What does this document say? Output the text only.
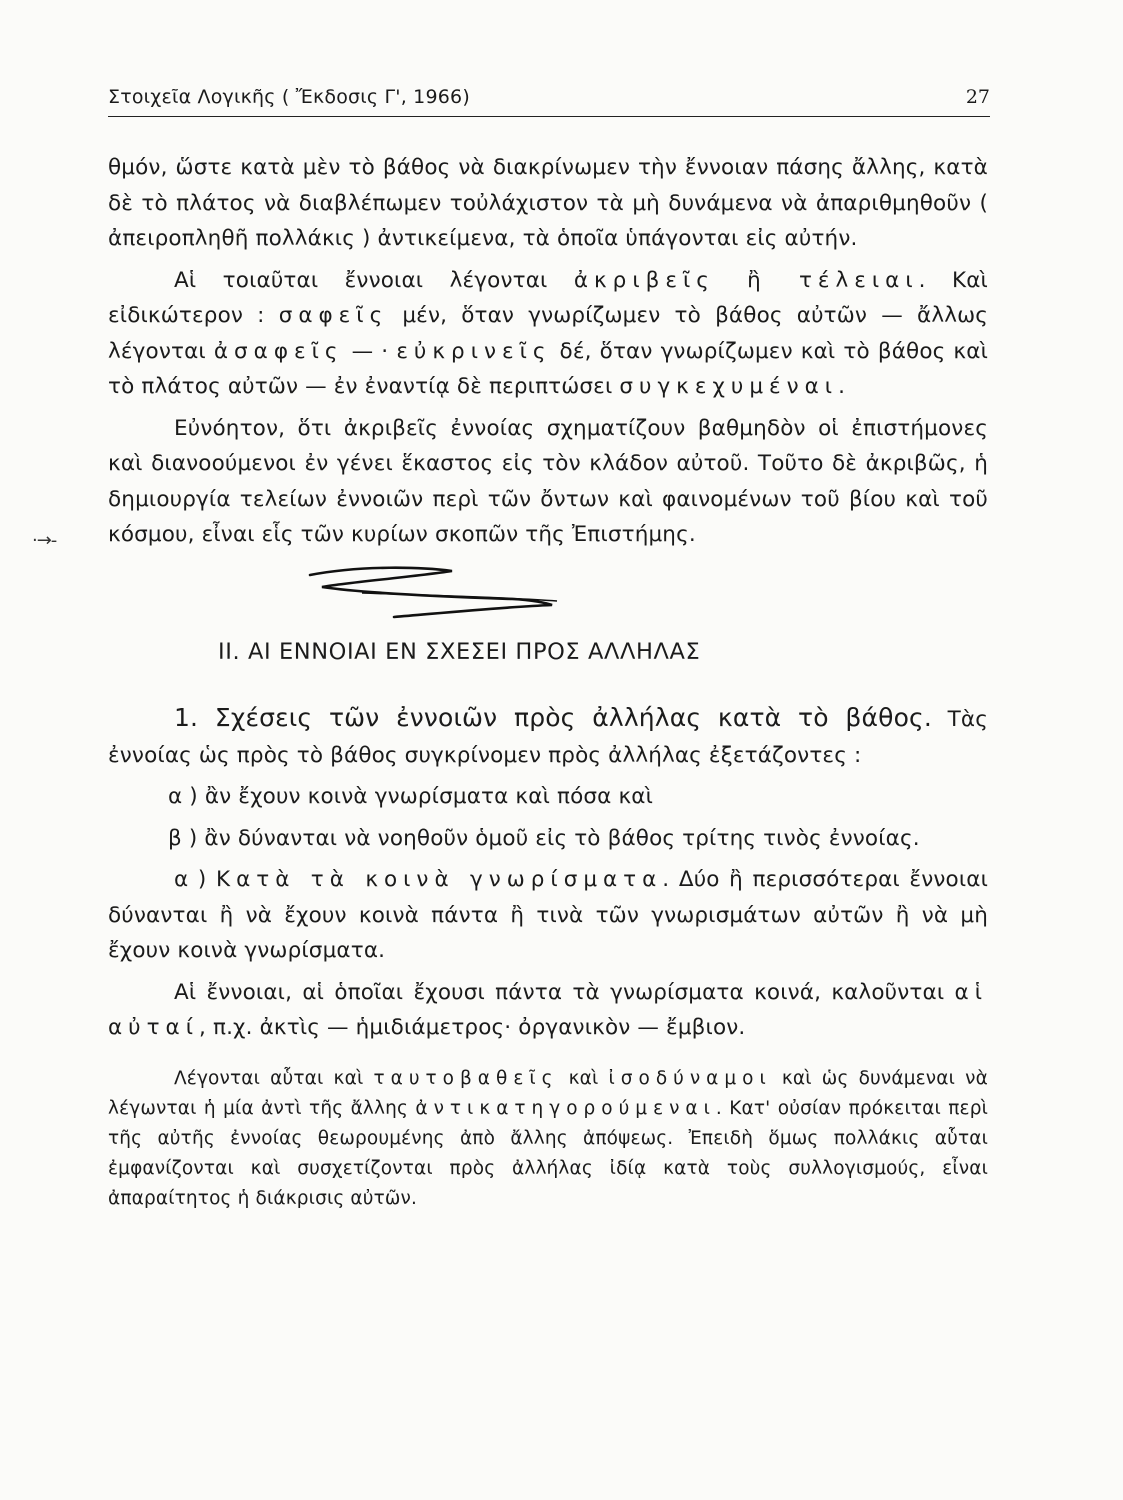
Στοιχεῖα Λογικῆς ( Ἔκδοσις Γ', 1966)	27
·→-

θμόν, ὥστε κατὰ μὲν τὸ βάθος νὰ διακρίνωμεν τὴν ἔννοιαν πάσης ἄλλης, κατὰ δὲ τὸ πλάτος νὰ διαβλέπωμεν τοὐλάχιστον τὰ μὴ δυνάμενα νὰ ἀπαριθμηθοῦν ( ἀπειροπληθῆ πολλάκις ) ἀντικείμενα, τὰ ὁποῖα ὑπάγονται εἰς αὐτήν.

Αἱ τοιαῦται ἔννοιαι λέγονται ἀκριβεῖς ἢ τέλειαι. Καὶ εἰδικώτερον : σαφεῖς μέν, ὅταν γνωρίζωμεν τὸ βάθος αὐτῶν — ἄλλως λέγονται ἀσαφεῖς — · εὐκρινεῖς δέ, ὅταν γνωρίζωμεν καὶ τὸ βάθος καὶ τὸ πλάτος αὐτῶν — ἐν ἐναντίᾳ δὲ περιπτώσει συγκεχυμέναι.

Εὐνόητον, ὅτι ἀκριβεῖς ἐννοίας σχηματίζουν βαθμηδὸν οἱ ἐπιστήμονες καὶ διανοούμενοι ἐν γένει ἕκαστος εἰς τὸν κλάδον αὐτοῦ. Τοῦτο δὲ ἀκριβῶς, ἡ δημιουργία τελείων ἐννοιῶν περὶ τῶν ὄντων καὶ φαινομένων τοῦ βίου καὶ τοῦ κόσμου, εἶναι εἷς τῶν κυρίων σκοπῶν τῆς Ἐπιστήμης.

ΙΙ. ΑΙ ΕΝΝΟΙΑΙ ΕΝ ΣΧΕΣΕΙ ΠΡΟΣ ΑΛΛΗΛΑΣ

1. Σχέσεις τῶν ἐννοιῶν πρὸς ἀλλήλας κατὰ τὸ βάθος. Τὰς ἐννοίας ὡς πρὸς τὸ βάθος συγκρίνομεν πρὸς ἀλλήλας ἐξετάζοντες :

α ) ἂν ἔχουν κοινὰ γνωρίσματα καὶ πόσα καὶ

β ) ἂν δύνανται νὰ νοηθοῦν ὁμοῦ εἰς τὸ βάθος τρίτης τινὸς ἐννοίας.

α ) Κατὰ τὰ κοινὰ γνωρίσματα. Δύο ἢ περισσότεραι ἔννοιαι δύνανται ἢ νὰ ἔχουν κοινὰ πάντα ἢ τινὰ τῶν γνωρισμάτων αὐτῶν ἢ νὰ μὴ ἔχουν κοινὰ γνωρίσματα.

Αἱ ἔννοιαι, αἱ ὁποῖαι ἔχουσι πάντα τὰ γνωρίσματα κοινά, καλοῦνται αἱ αὐταί, π.χ. ἀκτὶς — ἡμιδιάμετρος· ὀργανικὸν — ἔμβιον.

Λέγονται αὗται καὶ ταυτοβαθεῖς καὶ ἰσοδύναμοι καὶ ὡς δυνάμεναι νὰ λέγωνται ἡ μία ἀντὶ τῆς ἄλλης ἀντικατηγορούμεναι. Κατ' οὐσίαν πρόκειται περὶ τῆς αὐτῆς ἐννοίας θεωρουμένης ἀπὸ ἄλλης ἀπόψεως. Ἐπειδὴ ὅμως πολλάκις αὗται ἐμφανίζονται καὶ συσχετίζονται πρὸς ἀλλήλας ἰδίᾳ κατὰ τοὺς συλλογισμούς, εἶναι ἀπαραίτητος ἡ διάκρισις αὐτῶν.
